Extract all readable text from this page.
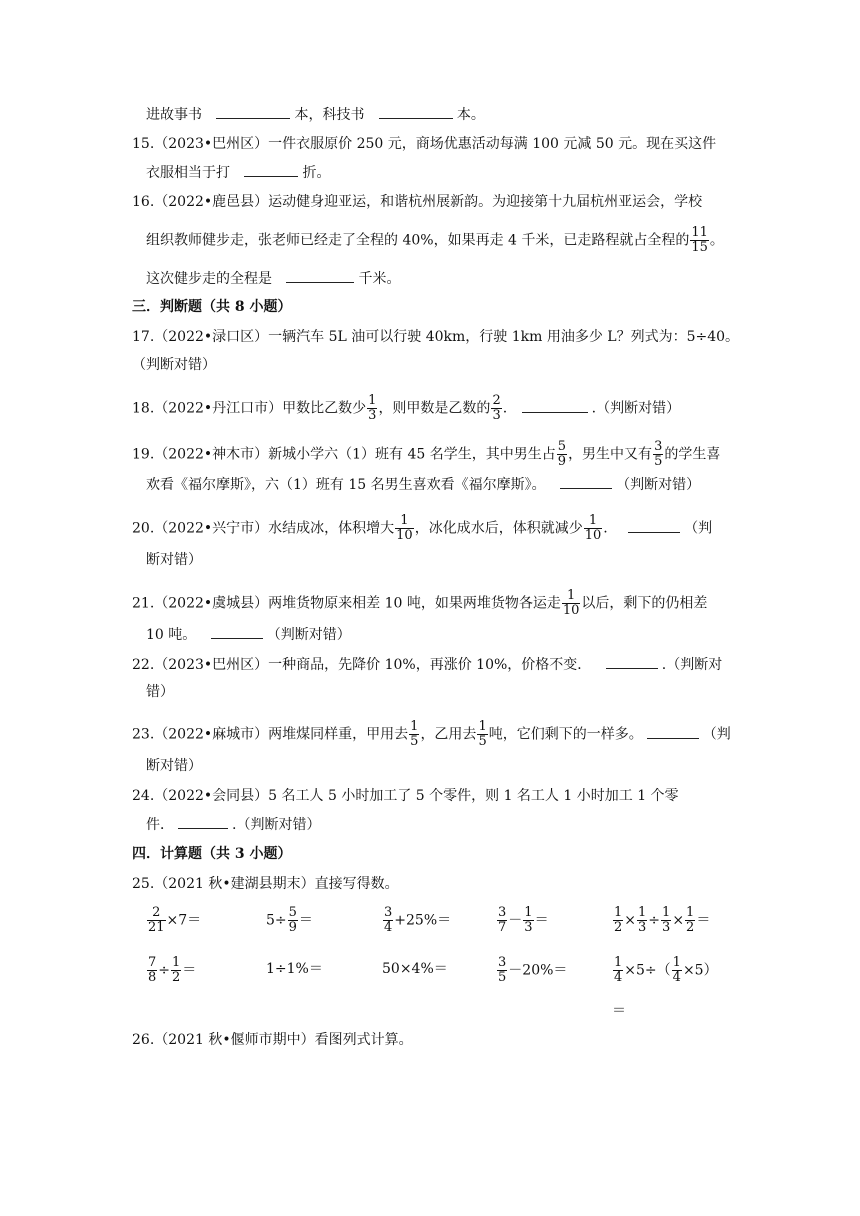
进故事书	本，科技书	本。
15.（2023•巴州区）一件衣服原价 250 元，商场优惠活动每满 100 元减 50 元。现在买这件
衣服相当于打	折。
16.（2022•鹿邑县）运动健身迎亚运，和谐杭州展新韵。为迎接第十九届杭州亚运会，学校
组织教师健步走，张老师已经走了全程的 40%，如果再走 4 千米，已走路程就占全程的 $\frac{11}{15}$ 。
这次健步走的全程是	千米。
三．判断题（共 8 小题）
17.（2022•渌口区）一辆汽车 5L 油可以行驶 40km，行驶 1km 用油多少 L？列式为：5÷40。
（判断对错）
18.（2022•丹江口市）甲数比乙数少 $\frac{1}{3}$ ，则甲数是乙数的 $\frac{2}{3}$ .	.（判断对错）
19.（2022•神木市）新城小学六（1）班有 45 名学生，其中男生占 $\frac{5}{9}$ ，男生中又有 $\frac{3}{5}$ 的学生喜
欢看《福尔摩斯》，六（1）班有 15 名男生喜欢看《福尔摩斯》。	（判断对错）
20.（2022•兴宁市）水结成冰，体积增大 $\frac{1}{10}$ ，冰化成水后，体积就减少 $\frac{1}{10}$ .	（判
断对错）
21.（2022•虞城县）两堆货物原来相差 10 吨，如果两堆货物各运走 $\frac{1}{10}$ 以后，剩下的仍相差
10 吨。	（判断对错）
22.（2023•巴州区）一种商品，先降价 10%，再涨价 10%，价格不变．	.（判断对
错）
23.（2022•麻城市）两堆煤同样重，甲用去 $\frac{1}{5}$ ，乙用去 $\frac{1}{5}$ 吨，它们剩下的一样多。	（判
断对错）
24.（2022•会同县）5 名工人 5 小时加工了 5 个零件，则 1 名工人 1 小时加工 1 个零
件．	.（判断对错）
四．计算题（共 3 小题）
25.（2021 秋•建湖县期末）直接写得数。
$\frac{2}{21} \times 7=$	$5\div \frac{5}{9}$ ＝	$\frac{3}{4} +25\%=$	$\frac{3}{7} - \frac{1}{3}$ ＝	$\frac{1}{2} \times \frac{1}{3} \div \frac{1}{3} \times \frac{1}{2}$ ＝
$\frac{7}{8} \div \frac{1}{2}$ ＝	1÷1%＝	50×4%＝	$\frac{3}{5} -20\%=$	$\frac{1}{4} \times 5\div( \frac{1}{4} \times 5)$
＝
26.（2021 秋•偃师市期中）看图列式计算。
